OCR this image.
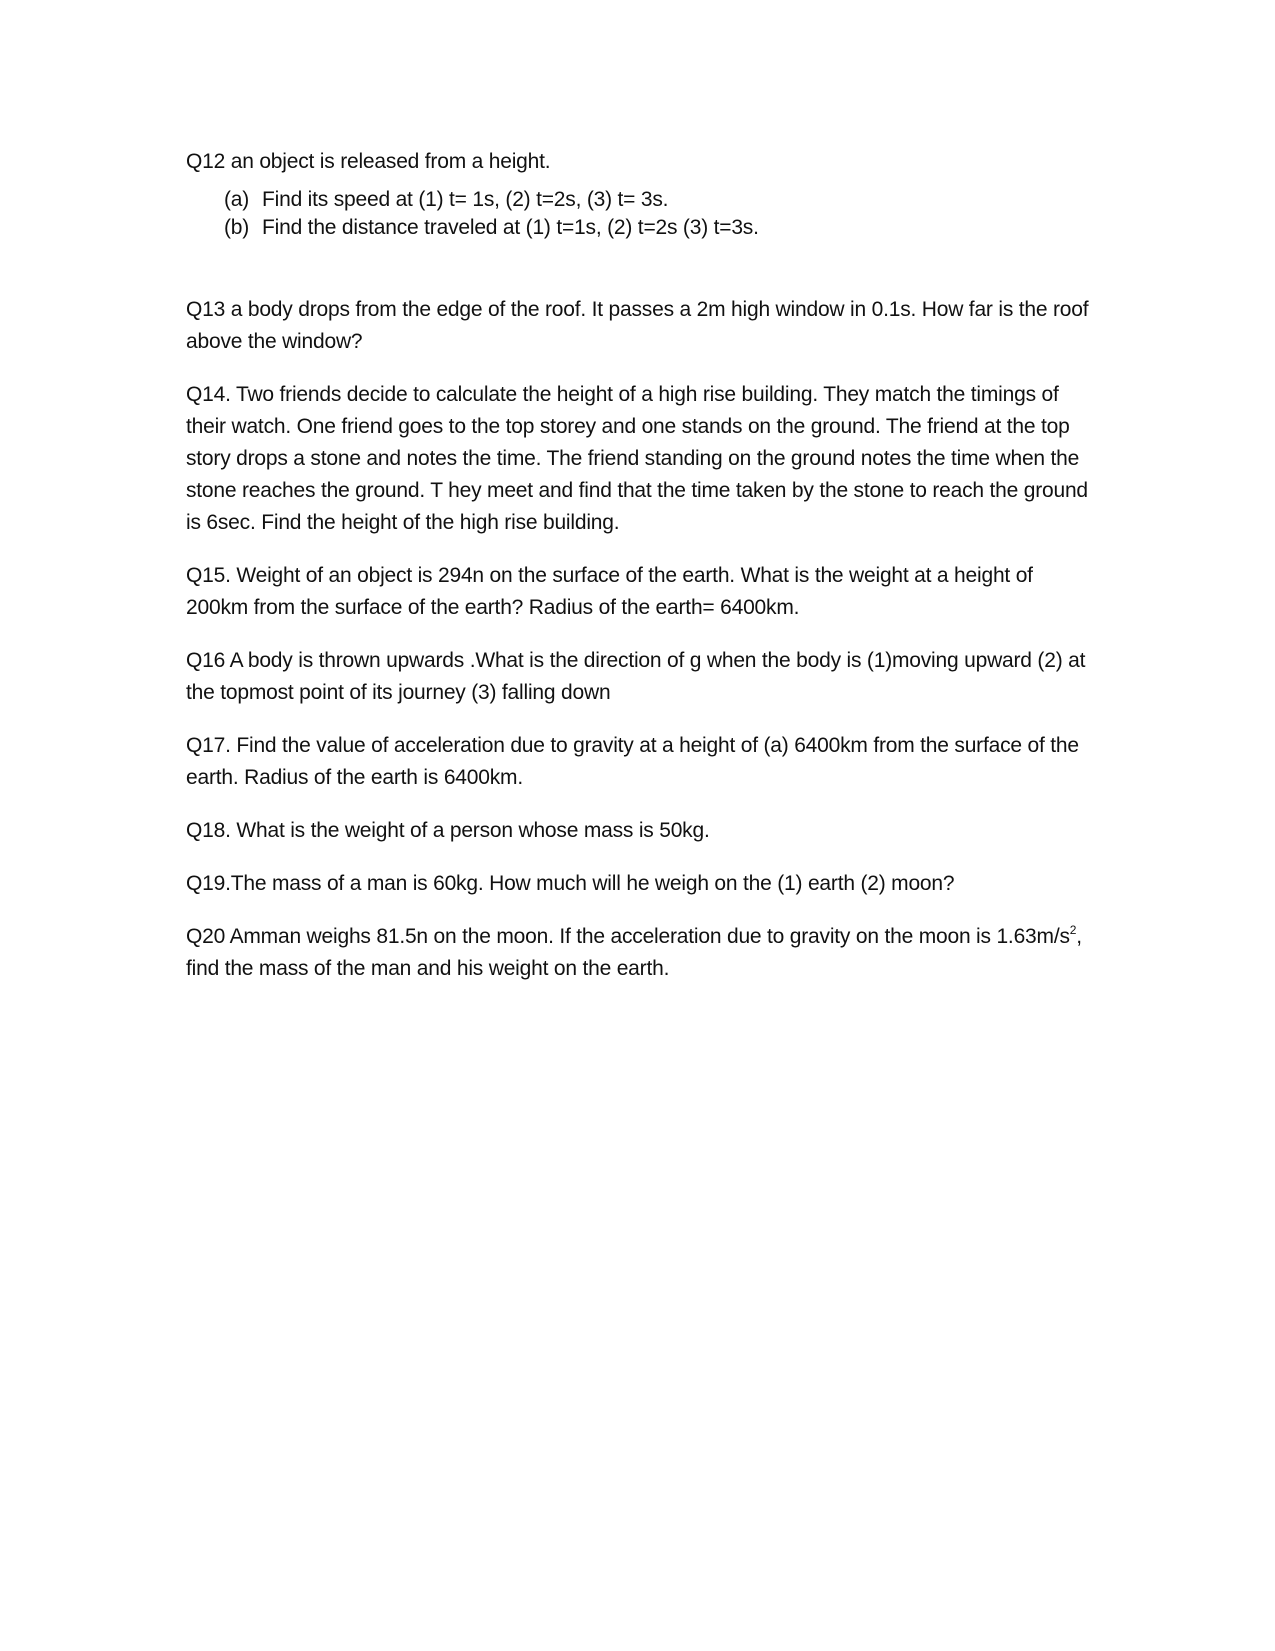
Q12 an object is released from a height.

(a) Find its speed at (1) t= 1s, (2) t=2s, (3) t= 3s.
(b) Find the distance traveled at (1) t=1s, (2) t=2s (3) t=3s.

Q13 a body drops from the edge of the roof. It passes a 2m high window in 0.1s. How far is the roof above the window?

Q14. Two friends decide to calculate the height of a high rise building. They match the timings of their watch. One friend goes to the top storey and one stands on the ground. The friend at the top story drops a stone and notes the time. The friend standing on the ground notes the time when the stone reaches the ground. T hey meet and find that the time taken by the stone to reach the ground is 6sec. Find the height of the high rise building.

Q15. Weight of an object is 294n on the surface of the earth. What is the weight at a height of 200km from the surface of the earth? Radius of the earth= 6400km.

Q16 A body is thrown upwards .What is the direction of g when the body is (1)moving upward (2) at the topmost point of its journey (3) falling down

Q17. Find the value of acceleration due to gravity at a height of (a) 6400km from the surface of the earth. Radius of the earth is 6400km.

Q18. What is the weight of a person whose mass is 50kg.

Q19.The mass of a man is 60kg. How much will he weigh on the (1) earth (2) moon?

Q20 Amman weighs 81.5n on the moon. If the acceleration due to gravity on the moon is $1.63m/s^2$, find the mass of the man and his weight on the earth.
